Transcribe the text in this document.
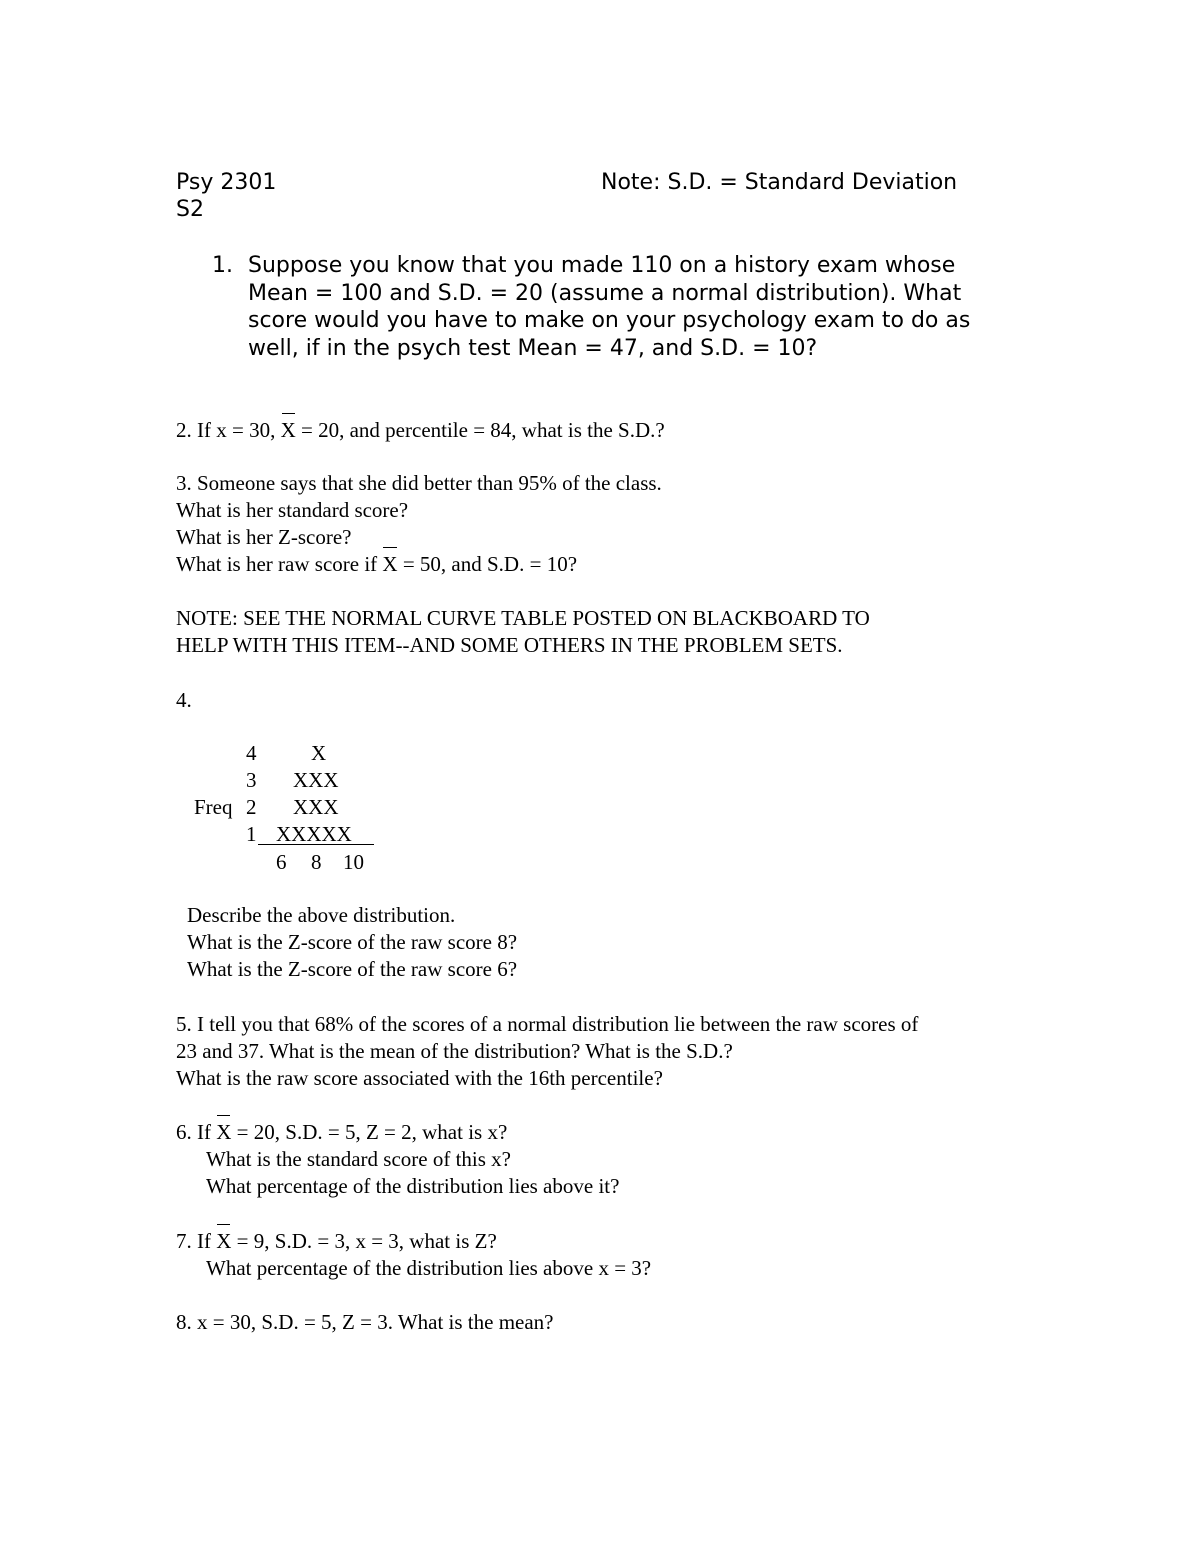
Psy 2301	Note: S.D. = Standard Deviation
S2
1. Suppose you know that you made 110 on a history exam whose
Mean = 100 and S.D. = 20 (assume a normal distribution). What
score would you have to make on your psychology exam to do as
well, if in the psych test Mean = 47, and S.D. = 10?
2. If x = 30, X = 20, and percentile = 84, what is the S.D.?
3. Someone says that she did better than 95% of the class.
What is her standard score?
What is her Z-score?
What is her raw score if X = 50, and S.D. = 10?
NOTE: SEE THE NORMAL CURVE TABLE POSTED ON BLACKBOARD TO
HELP WITH THIS ITEM--AND SOME OTHERS IN THE PROBLEM SETS.
4.
4	X
3 XXX
Freq 2 XXX
1 XXXXX
6 8 10
Describe the above distribution.
What is the Z-score of the raw score 8?
What is the Z-score of the raw score 6?
5. I tell you that 68% of the scores of a normal distribution lie between the raw scores of
23 and 37. What is the mean of the distribution? What is the S.D.?
What is the raw score associated with the 16th percentile?
6. If X = 20, S.D. = 5, Z = 2, what is x?
What is the standard score of this x?
What percentage of the distribution lies above it?
7. If X = 9, S.D. = 3, x = 3, what is Z?
What percentage of the distribution lies above x = 3?
8. x = 30, S.D. = 5, Z = 3. What is the mean?
